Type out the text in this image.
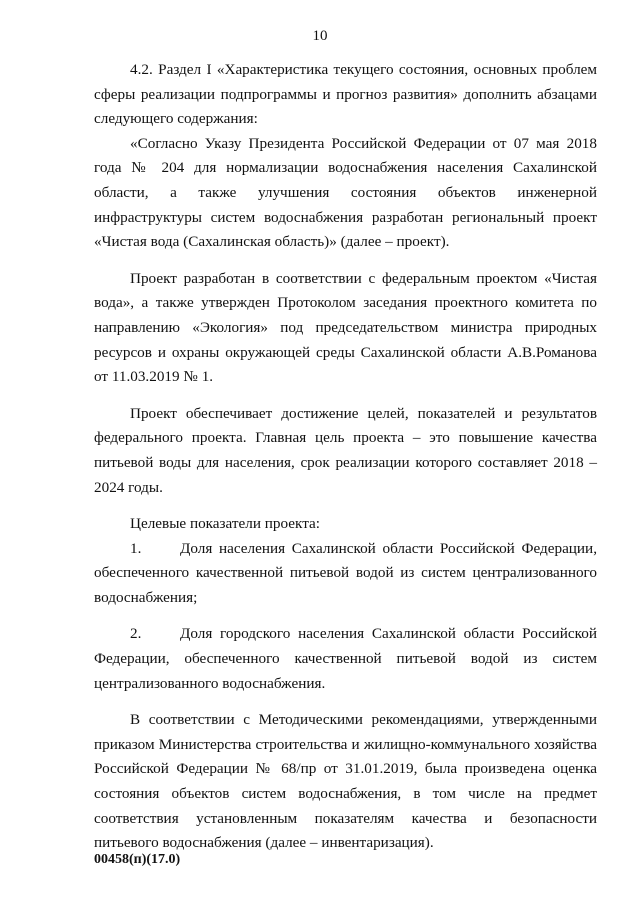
10

4.2. Раздел I «Характеристика текущего состояния, основных проблем сферы реализации подпрограммы и прогноз развития» дополнить абзацами следующего содержания:

«Согласно Указу Президента Российской Федерации от 07 мая 2018 года № 204 для нормализации водоснабжения населения Сахалинской области, а также улучшения состояния объектов инженерной инфраструктуры систем водоснабжения разработан региональный проект «Чистая вода (Сахалинская область)» (далее – проект).

Проект разработан в соответствии с федеральным проектом «Чистая вода», а также утвержден Протоколом заседания проектного комитета по направлению «Экология» под председательством министра природных ресурсов и охраны окружающей среды Сахалинской области А.В.Романова от 11.03.2019 № 1.

Проект обеспечивает достижение целей, показателей и результатов федерального проекта. Главная цель проекта – это повышение качества питьевой воды для населения, срок реализации которого составляет 2018 – 2024 годы.

Целевые показатели проекта:

1.	Доля населения Сахалинской области Российской Федерации, обеспеченного качественной питьевой водой из систем централизованного водоснабжения;

2.	Доля городского населения Сахалинской области Российской Федерации, обеспеченного качественной питьевой водой из систем централизованного водоснабжения.

В соответствии с Методическими рекомендациями, утвержденными приказом Министерства строительства и жилищно-коммунального хозяйства Российской Федерации № 68/пр от 31.01.2019, была произведена оценка состояния объектов систем водоснабжения, в том числе на предмет соответствия установленным показателям качества и безопасности питьевого водоснабжения (далее – инвентаризация).

00458(п)(17.0)
